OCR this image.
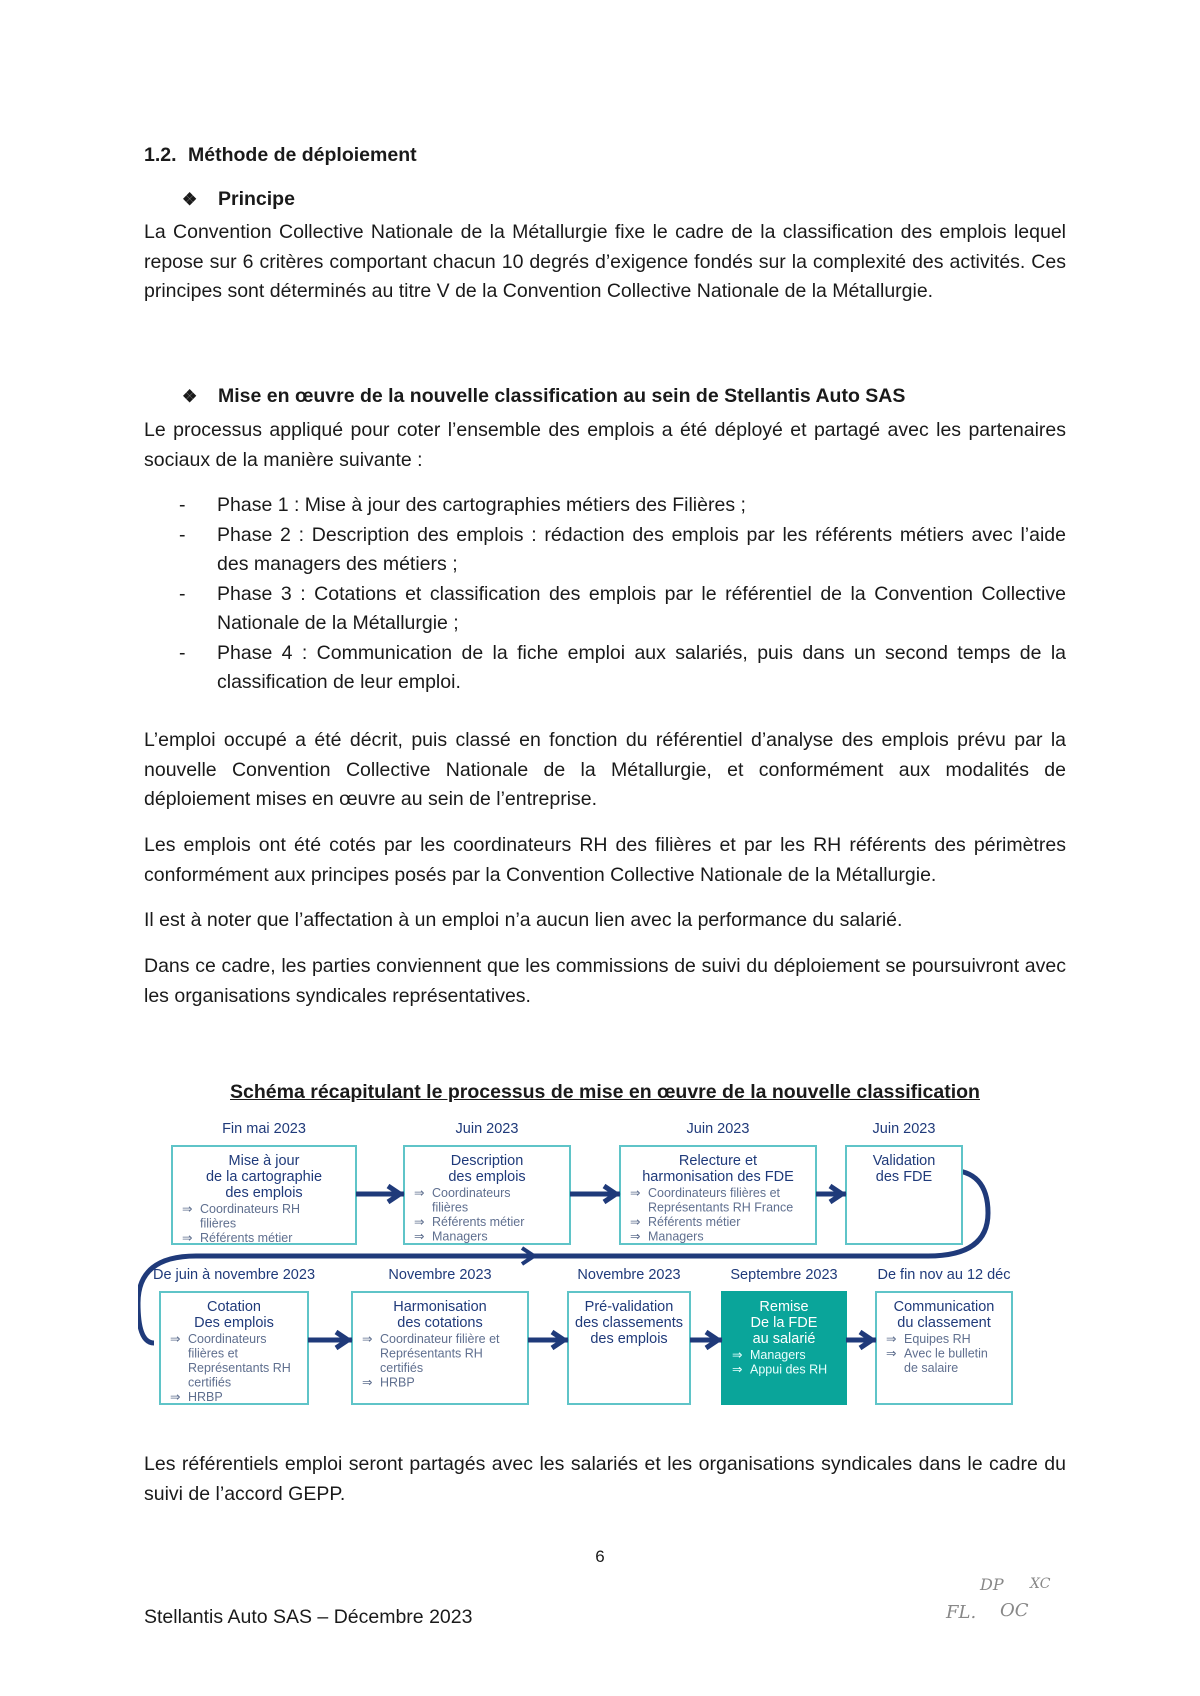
1.2. Méthode de déploiement
❖ Principe

La Convention Collective Nationale de la Métallurgie fixe le cadre de la classification des emplois lequel repose sur 6 critères comportant chacun 10 degrés d’exigence fondés sur la complexité des activités. Ces principes sont déterminés au titre V de la Convention Collective Nationale de la Métallurgie.

❖ Mise en œuvre de la nouvelle classification au sein de Stellantis Auto SAS

Le processus appliqué pour coter l’ensemble des emplois a été déployé et partagé avec les partenaires sociaux de la manière suivante :

- Phase 1 : Mise à jour des cartographies métiers des Filières ;
- Phase 2 : Description des emplois : rédaction des emplois par les référents métiers avec l’aide des managers des métiers ;
- Phase 3 : Cotations et classification des emplois par le référentiel de la Convention Collective Nationale de la Métallurgie ;
- Phase 4 : Communication de la fiche emploi aux salariés, puis dans un second temps de la classification de leur emploi.

L’emploi occupé a été décrit, puis classé en fonction du référentiel d’analyse des emplois prévu par la nouvelle Convention Collective Nationale de la Métallurgie, et conformément aux modalités de déploiement mises en œuvre au sein de l’entreprise.

Les emplois ont été cotés par les coordinateurs RH des filières et par les RH référents des périmètres conformément aux principes posés par la Convention Collective Nationale de la Métallurgie.

Il est à noter que l’affectation à un emploi n’a aucun lien avec la performance du salarié.

Dans ce cadre, les parties conviennent que les commissions de suivi du déploiement se poursuivront avec les organisations syndicales représentatives.

Schéma récapitulant le processus de mise en œuvre de la nouvelle classification
Fin mai 2023
Mise à jour
de la cartographie
des emplois
⇒ Coordinateurs RH
filières
⇒ Référents métier
Juin 2023
Description
des emplois
⇒ Coordinateurs
filières
⇒ Référents métier
⇒ Managers
Juin 2023
Relecture et
harmonisation des FDE
⇒ Coordinateurs filières et
Représentants RH France
⇒ Référents métier
⇒ Managers
Juin 2023
Validation
des FDE
De juin à novembre 2023
Cotation
Des emplois
⇒ Coordinateurs
filières et
Représentants RH
certifiés
⇒ HRBP
Novembre 2023
Harmonisation
des cotations
⇒ Coordinateur filière et
Représentants RH
certifiés
⇒ HRBP
Novembre 2023
Pré-validation
des classements
des emplois
Septembre 2023
Remise
De la FDE
au salarié
⇒ Managers
⇒ Appui des RH
De fin nov au 12 déc
Communication
du classement
⇒ Equipes RH
⇒ Avec le bulletin
de salaire

Les référentiels emploi seront partagés avec les salariés et les organisations syndicales dans le cadre du suivi de l’accord GEPP.

6
Stellantis Auto SAS – Décembre 2023
DP XC
FL. OC
